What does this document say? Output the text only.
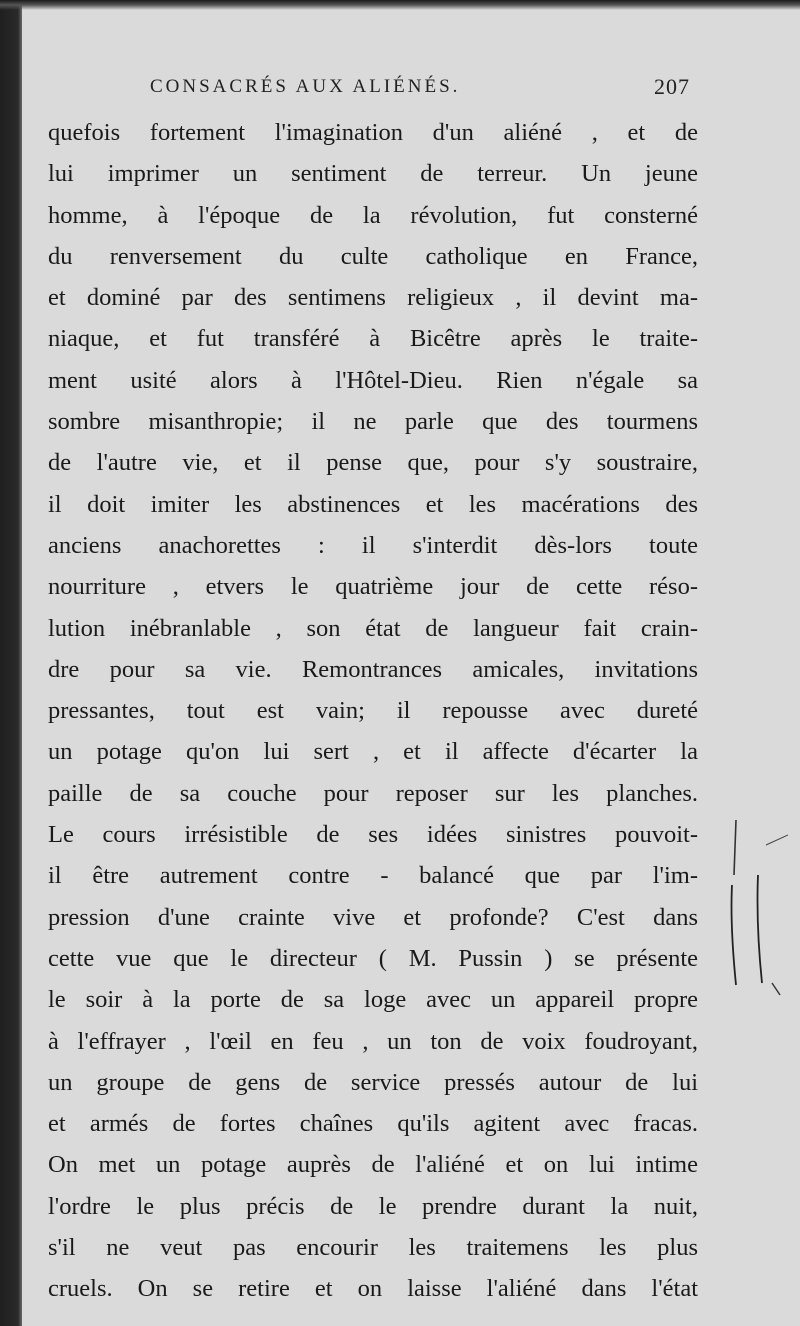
CONSACRÉS AUX ALIÉNÉS.	207
quefois fortement l'imagination d'un aliéné , et de
lui imprimer un sentiment de terreur. Un jeune
homme, à l'époque de la révolution, fut consterné
du renversement du culte catholique en France,
et dominé par des sentimens religieux , il devint ma-
niaque, et fut transféré à Bicêtre après le traite-
ment usité alors à l'Hôtel-Dieu. Rien n'égale sa
sombre misanthropie; il ne parle que des tourmens
de l'autre vie, et il pense que, pour s'y soustraire,
il doit imiter les abstinences et les macérations des
anciens anachorettes : il s'interdit dès-lors toute
nourriture , etvers le quatrième jour de cette réso-
lution inébranlable , son état de langueur fait crain-
dre pour sa vie. Remontrances amicales, invitations
pressantes, tout est vain; il repousse avec dureté
un potage qu'on lui sert , et il affecte d'écarter la
paille de sa couche pour reposer sur les planches.
Le cours irrésistible de ses idées sinistres pouvoit-
il être autrement contre - balancé que par l'im-
pression d'une crainte vive et profonde? C'est dans
cette vue que le directeur ( M. Pussin ) se présente
le soir à la porte de sa loge avec un appareil propre
à l'effrayer , l'œil en feu , un ton de voix foudroyant,
un groupe de gens de service pressés autour de lui
et armés de fortes chaînes qu'ils agitent avec fracas.
On met un potage auprès de l'aliéné et on lui intime
l'ordre le plus précis de le prendre durant la nuit,
s'il ne veut pas encourir les traitemens les plus
cruels. On se retire et on laisse l'aliéné dans l'état
